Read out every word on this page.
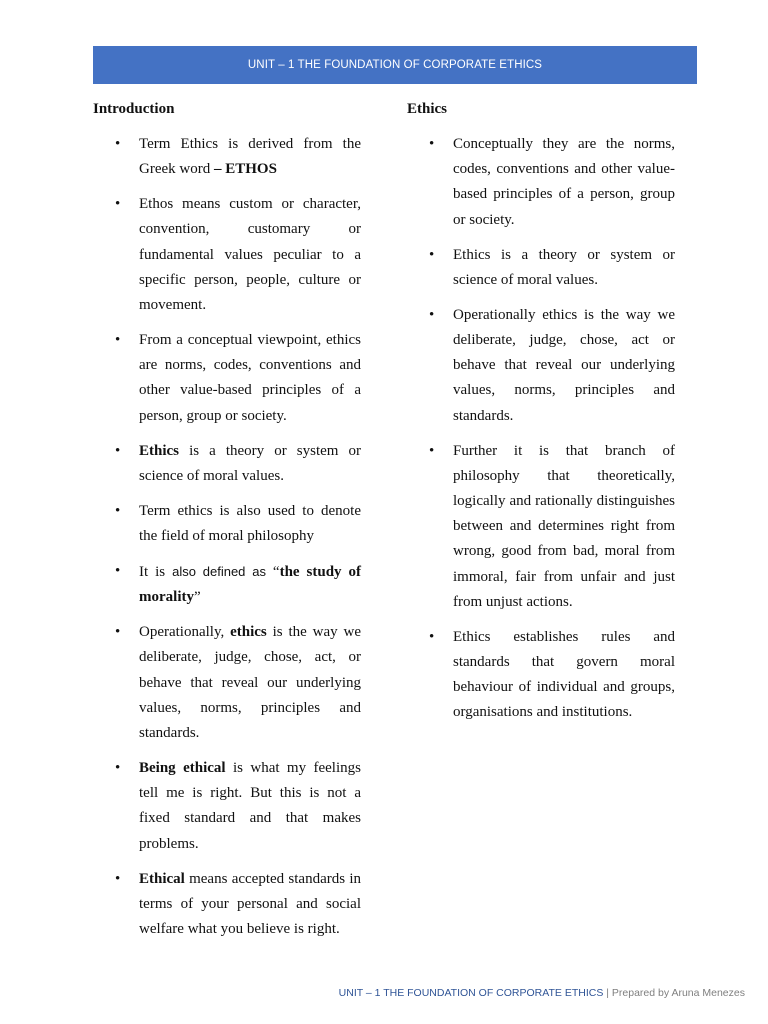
UNIT – 1 THE FOUNDATION OF CORPORATE ETHICS
Introduction
• Term Ethics is derived from the Greek word – ETHOS
• Ethos means custom or character, convention, customary or fundamental values peculiar to a specific person, people, culture or movement.
• From a conceptual viewpoint, ethics are norms, codes, conventions and other value-based principles of a person, group or society.
• Ethics is a theory or system or science of moral values.
• Term ethics is also used to denote the field of moral philosophy
• It is also defined as “the study of morality”
• Operationally, ethics is the way we deliberate, judge, chose, act, or behave that reveal our underlying values, norms, principles and standards.
• Being ethical is what my feelings tell me is right. But this is not a fixed standard and that makes problems.
• Ethical means accepted standards in terms of your personal and social welfare what you believe is right.
Ethics
• Conceptually they are the norms, codes, conventions and other value-based principles of a person, group or society.
• Ethics is a theory or system or science of moral values.
• Operationally ethics is the way we deliberate, judge, chose, act or behave that reveal our underlying values, norms, principles and standards.
• Further it is that branch of philosophy that theoretically, logically and rationally distinguishes between and determines right from wrong, good from bad, moral from immoral, fair from unfair and just from unjust actions.
• Ethics establishes rules and standards that govern moral behaviour of individual and groups, organisations and institutions.
UNIT – 1 THE FOUNDATION OF CORPORATE ETHICS | Prepared by Aruna Menezes
